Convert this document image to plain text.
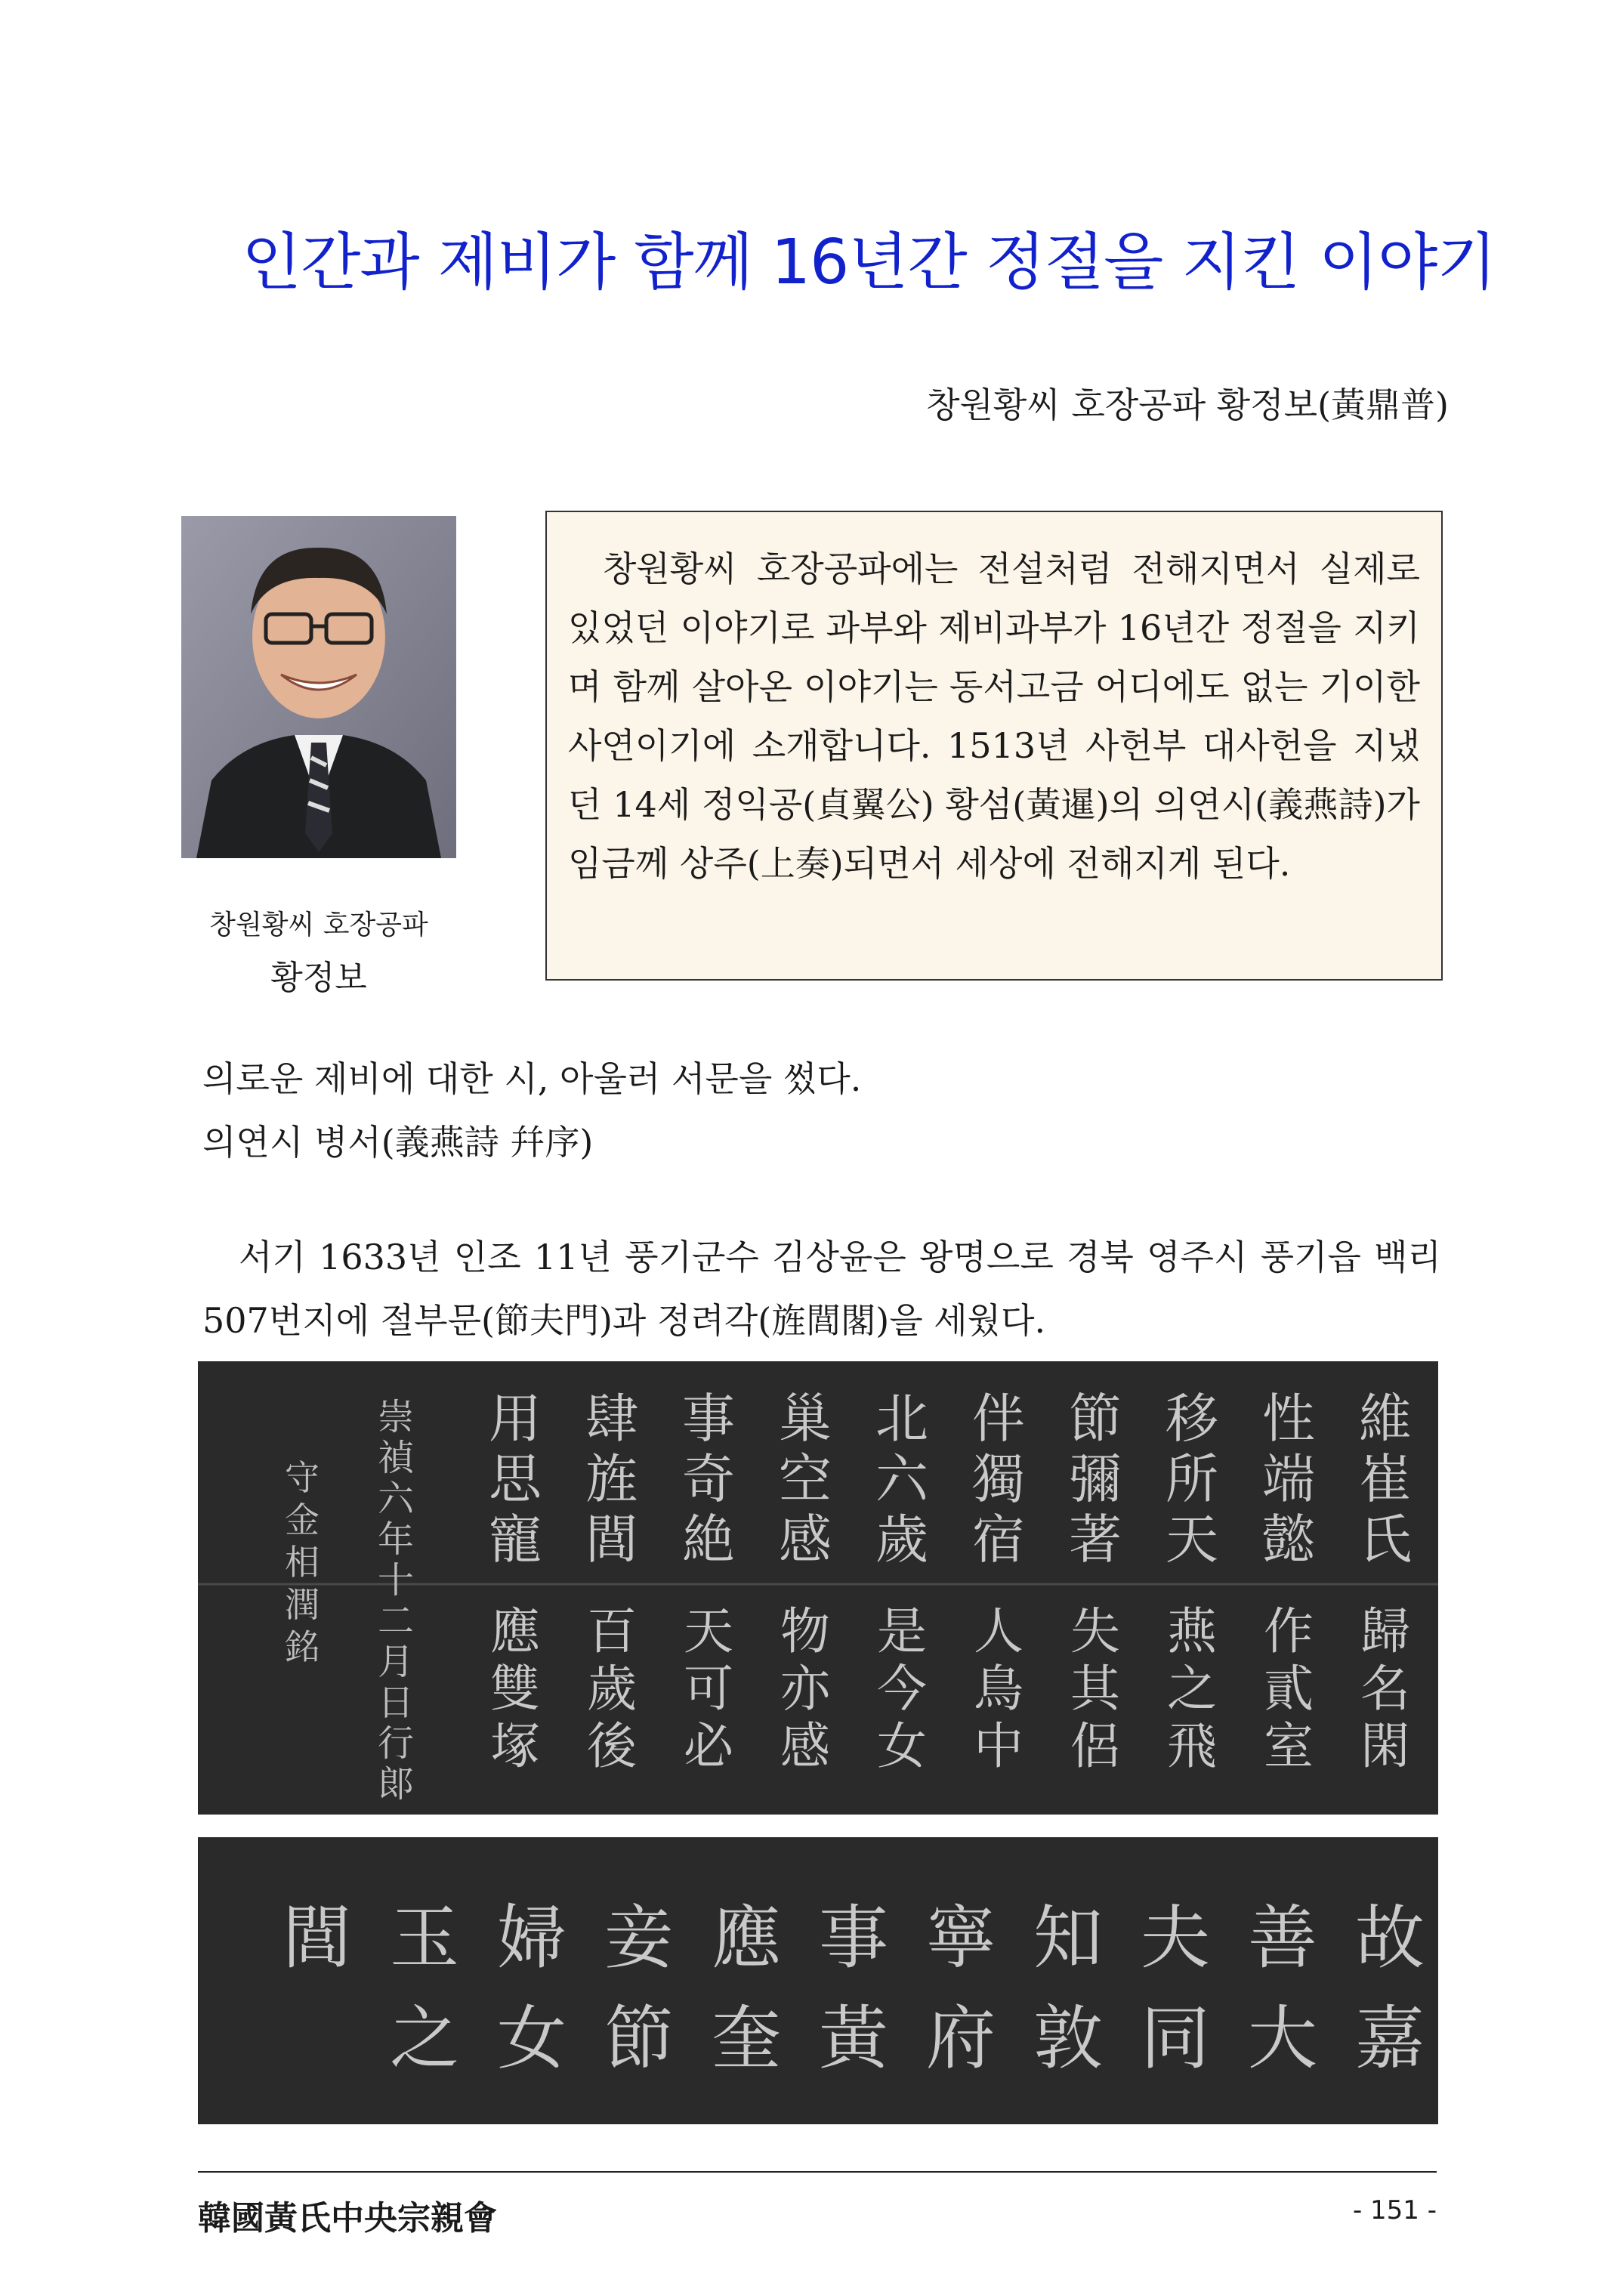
인간과 제비가 함께 16년간 정절을 지킨 이야기
창원황씨 호장공파 황정보(黃鼎普)
창원황씨 호장공파
황정보
창원황씨 호장공파에는 전설처럼 전해지면서 실제로 있었던 이야기로 과부와 제비과부가 16년간 정절을 지키며 함께 살아온 이야기는 동서고금 어디에도 없는 기이한 사연이기에 소개합니다. 1513년 사헌부 대사헌을 지냈던 14세 정익공(貞翼公) 황섬(黃暹)의 의연시(義燕詩)가 임금께 상주(上奏)되면서 세상에 전해지게 된다.
의로운 제비에 대한 시, 아울러 서문을 썼다.
의연시 병서(義燕詩 幷序)
서기 1633년 인조 11년 풍기군수 김상윤은 왕명으로 경북 영주시 풍기읍 백리 507번지에 절부문(節夫門)과 정려각(旌閭閣)을 세웠다.
維
崔
氏
歸
名
閑
性
端
懿
作
貳
室
移
所
天
燕
之
飛
節
彌
著
失
其
侶
伴
獨
宿
人
鳥
中
北
六
歲
是
今
女
巢
空
感
物
亦
感
事
奇
絶
天
可
必
肆
旌
閭
百
歲
後
用
思
寵
應
雙
塚
崇
禎
六
年
十
二
月
日
行
郞
守
金
相
潤
銘
故
嘉
善
大
夫
同
知
敦
寧
府
事
黃
應
奎
妾
節
婦
女
玉
之
閭
韓國黃氏中央宗親會	- 151 -
